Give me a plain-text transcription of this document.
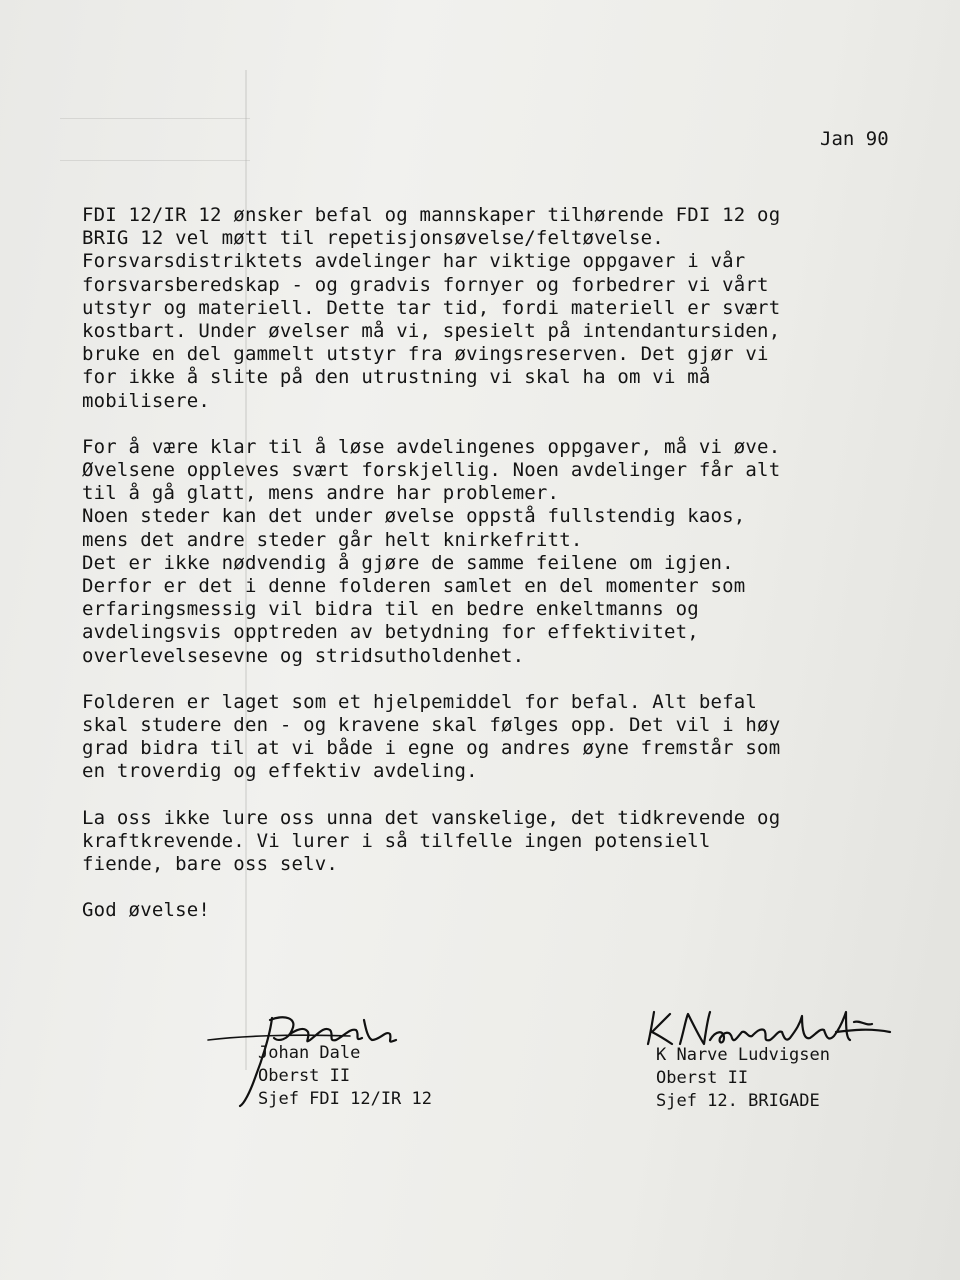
Jan 90
FDI 12/IR 12 ønsker befal og mannskaper tilhørende FDI 12 og
BRIG 12 vel møtt til repetisjonsøvelse/feltøvelse.
Forsvarsdistriktets avdelinger har viktige oppgaver i vår
forsvarsberedskap - og gradvis fornyer og forbedrer vi vårt
utstyr og materiell. Dette tar tid, fordi materiell er svært
kostbart. Under øvelser må vi, spesielt på intendantursiden,
bruke en del gammelt utstyr fra øvingsreserven. Det gjør vi
for ikke å slite på den utrustning vi skal ha om vi må
mobilisere.
For å være klar til å løse avdelingenes oppgaver, må vi øve.
Øvelsene oppleves svært forskjellig. Noen avdelinger får alt
til å gå glatt, mens andre har problemer.
Noen steder kan det under øvelse oppstå fullstendig kaos,
mens det andre steder går helt knirkefritt.
Det er ikke nødvendig å gjøre de samme feilene om igjen.
Derfor er det i denne folderen samlet en del momenter som
erfaringsmessig vil bidra til en bedre enkeltmanns og
avdelingsvis opptreden av betydning for effektivitet,
overlevelsesevne og stridsutholdenhet.
Folderen er laget som et hjelpemiddel for befal. Alt befal
skal studere den - og kravene skal følges opp. Det vil i høy
grad bidra til at vi både i egne og andres øyne fremstår som
en troverdig og effektiv avdeling.
La oss ikke lure oss unna det vanskelige, det tidkrevende og
kraftkrevende. Vi lurer i så tilfelle ingen potensiell
fiende, bare oss selv.
God øvelse!
Johan Dale
Oberst II
Sjef FDI 12/IR 12
K Narve Ludvigsen
Oberst II
Sjef 12. BRIGADE
